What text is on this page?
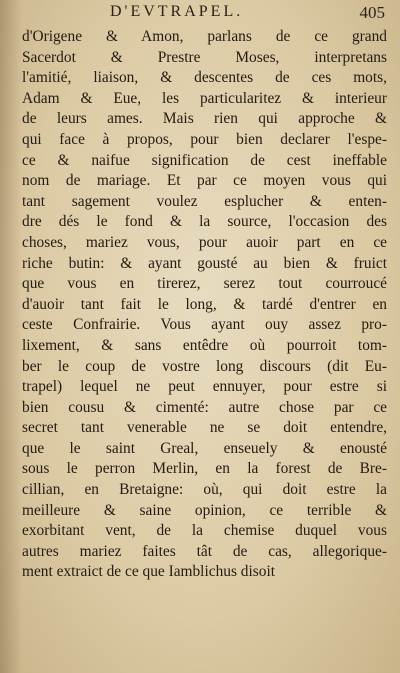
D'EVTRAPEL.	405
d'Origene & Amon, parlans de ce grand
Sacerdot & Prestre Moses, interpretans
l'amitié, liaison, & descentes de ces mots,
Adam & Eue, les particularitez & interieur
de leurs ames. Mais rien qui approche &
qui face à propos, pour bien declarer l'espe-
ce & naifue signification de cest ineffable
nom de mariage. Et par ce moyen vous qui
tant sagement voulez esplucher & enten-
dre dés le fond & la source, l'occasion des
choses, mariez vous, pour auoir part en ce
riche butin: & ayant gousté au bien & fruict
que vous en tirerez, serez tout courroucé
d'auoir tant fait le long, & tardé d'entrer en
ceste Confrairie. Vous ayant ouy assez pro-
lixement, & sans entêdre où pourroit tom-
ber le coup de vostre long discours (dit Eu-
trapel) lequel ne peut ennuyer, pour estre si
bien cousu & cimenté: autre chose par ce
secret tant venerable ne se doit entendre,
que le saint Greal, enseuely & enousté
sous le perron Merlin, en la forest de Bre-
cillian, en Bretaigne: où, qui doit estre la
meilleure & saine opinion, ce terrible &
exorbitant vent, de la chemise duquel vous
autres mariez faites tât de cas, allegorique-
ment extraict de ce que Iamblichus disoit
